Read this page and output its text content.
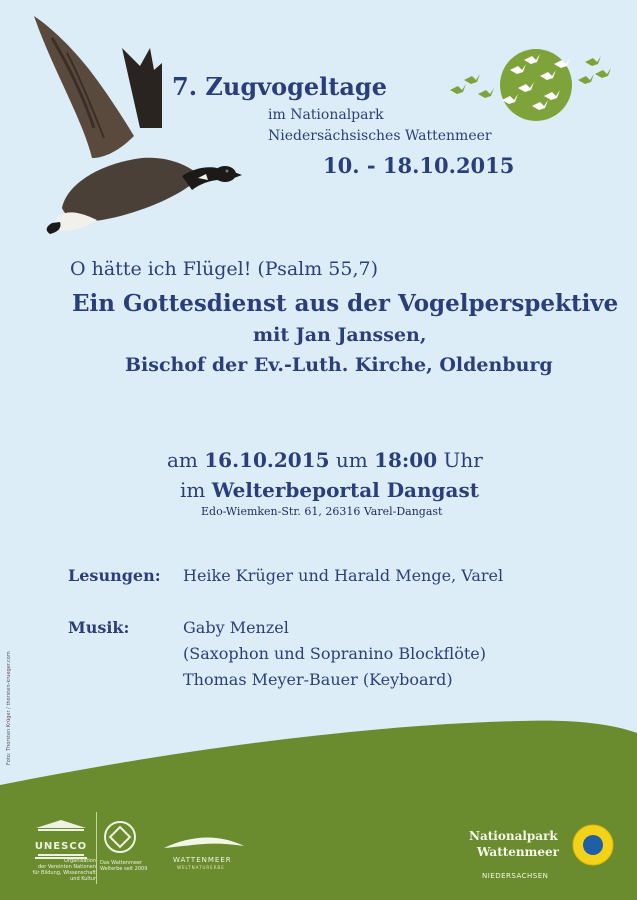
7. Zugvogeltage
im Nationalpark
Niedersächsisches Wattenmeer
10. - 18.10.2015
O hätte ich Flügel! (Psalm 55,7)
Ein Gottesdienst aus der Vogelperspektive
mit Jan Janssen,
Bischof der Ev.-Luth. Kirche, Oldenburg
am 16.10.2015 um 18:00 Uhr
im Welterbeportal Dangast
Edo-Wiemken-Str. 61, 26316 Varel-Dangast
Lesungen: Heike Krüger und Harald Menge, Varel
Musik:	Gaby Menzel
(Saxophon und Sopranino Blockflöte)
Thomas Meyer-Bauer (Keyboard)
Foto: Thorsten Krüger / thorsten-krueger.com
UNESCO
Organisation
der Vereinten Nationen
für Bildung, Wissenschaft
und Kultur
Das Wattenmeer
Welterbe seit 2009
WATTENMEER
WELTNATURERBE
Nationalpark
Wattenmeer
NIEDERSACHSEN
